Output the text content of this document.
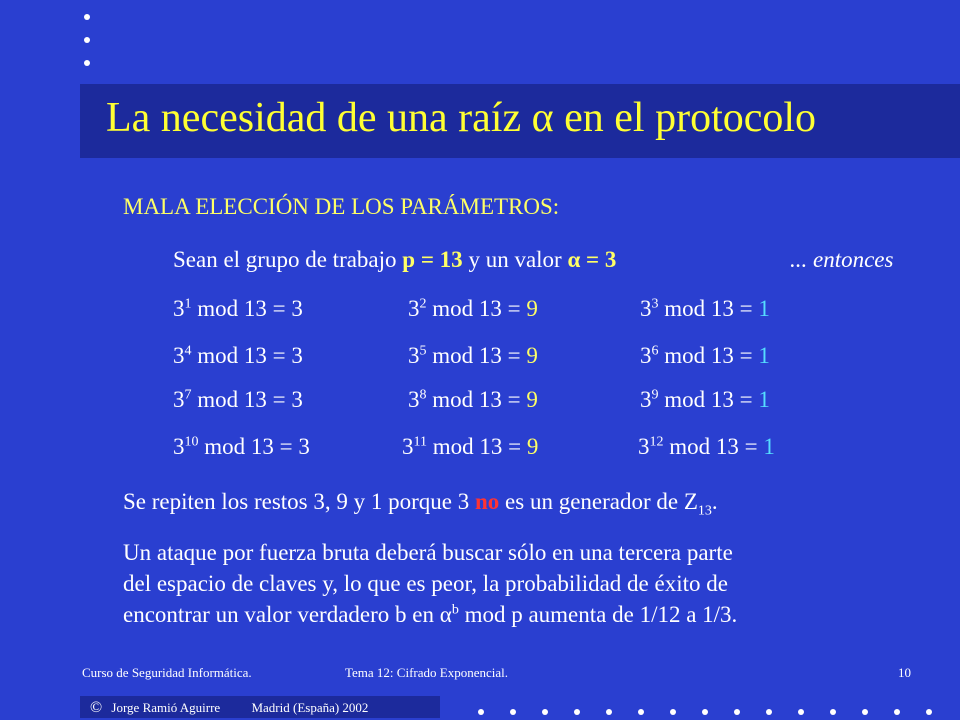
La necesidad de una raíz α en el protocolo
MALA ELECCIÓN DE LOS PARÁMETROS:
Sean el grupo de trabajo p = 13 y un valor α = 3	... entonces
$3^1$ mod 13 = 3	$3^2$ mod 13 = 9	$3^3$ mod 13 = 1
$3^4$ mod 13 = 3	$3^5$ mod 13 = 9	$3^6$ mod 13 = 1
$3^7$ mod 13 = 3	$3^8$ mod 13 = 9	$3^9$ mod 13 = 1
$3^{10}$ mod 13 = 3	$3^{11}$ mod 13 = 9	$3^{12}$ mod 13 = 1
Se repiten los restos 3, 9 y 1 porque 3 no es un generador de $Z_{13}$.
Un ataque por fuerza bruta deberá buscar sólo en una tercera parte
del espacio de claves y, lo que es peor, la probabilidad de éxito de
encontrar un valor verdadero b en $\alpha^b$ mod p aumenta de 1/12 a 1/3.
Curso de Seguridad Informática.	Tema 12: Cifrado Exponencial.	10
© Jorge Ramió Aguirre Madrid (España) 2002
